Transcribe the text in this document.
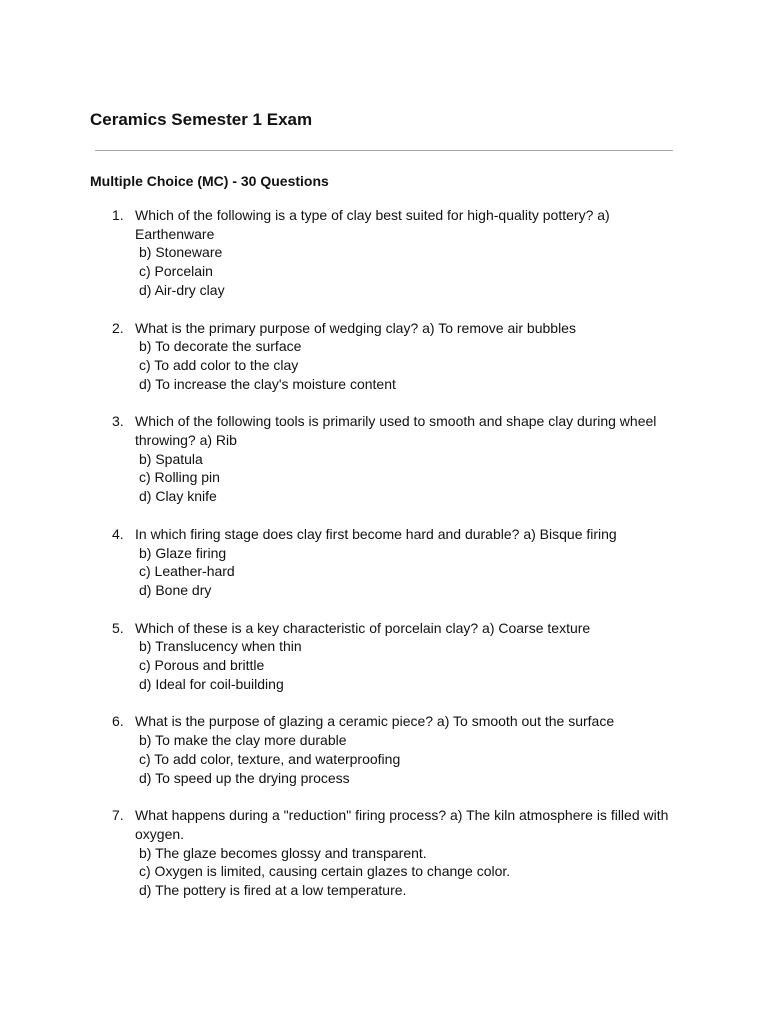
Ceramics Semester 1 Exam
Multiple Choice (MC) - 30 Questions
1. Which of the following is a type of clay best suited for high-quality pottery? a) Earthenware
b) Stoneware
c) Porcelain
d) Air-dry clay
2. What is the primary purpose of wedging clay? a) To remove air bubbles
b) To decorate the surface
c) To add color to the clay
d) To increase the clay's moisture content
3. Which of the following tools is primarily used to smooth and shape clay during wheel throwing? a) Rib
b) Spatula
c) Rolling pin
d) Clay knife
4. In which firing stage does clay first become hard and durable? a) Bisque firing
b) Glaze firing
c) Leather-hard
d) Bone dry
5. Which of these is a key characteristic of porcelain clay? a) Coarse texture
b) Translucency when thin
c) Porous and brittle
d) Ideal for coil-building
6. What is the purpose of glazing a ceramic piece? a) To smooth out the surface
b) To make the clay more durable
c) To add color, texture, and waterproofing
d) To speed up the drying process
7. What happens during a "reduction" firing process? a) The kiln atmosphere is filled with oxygen.
b) The glaze becomes glossy and transparent.
c) Oxygen is limited, causing certain glazes to change color.
d) The pottery is fired at a low temperature.
